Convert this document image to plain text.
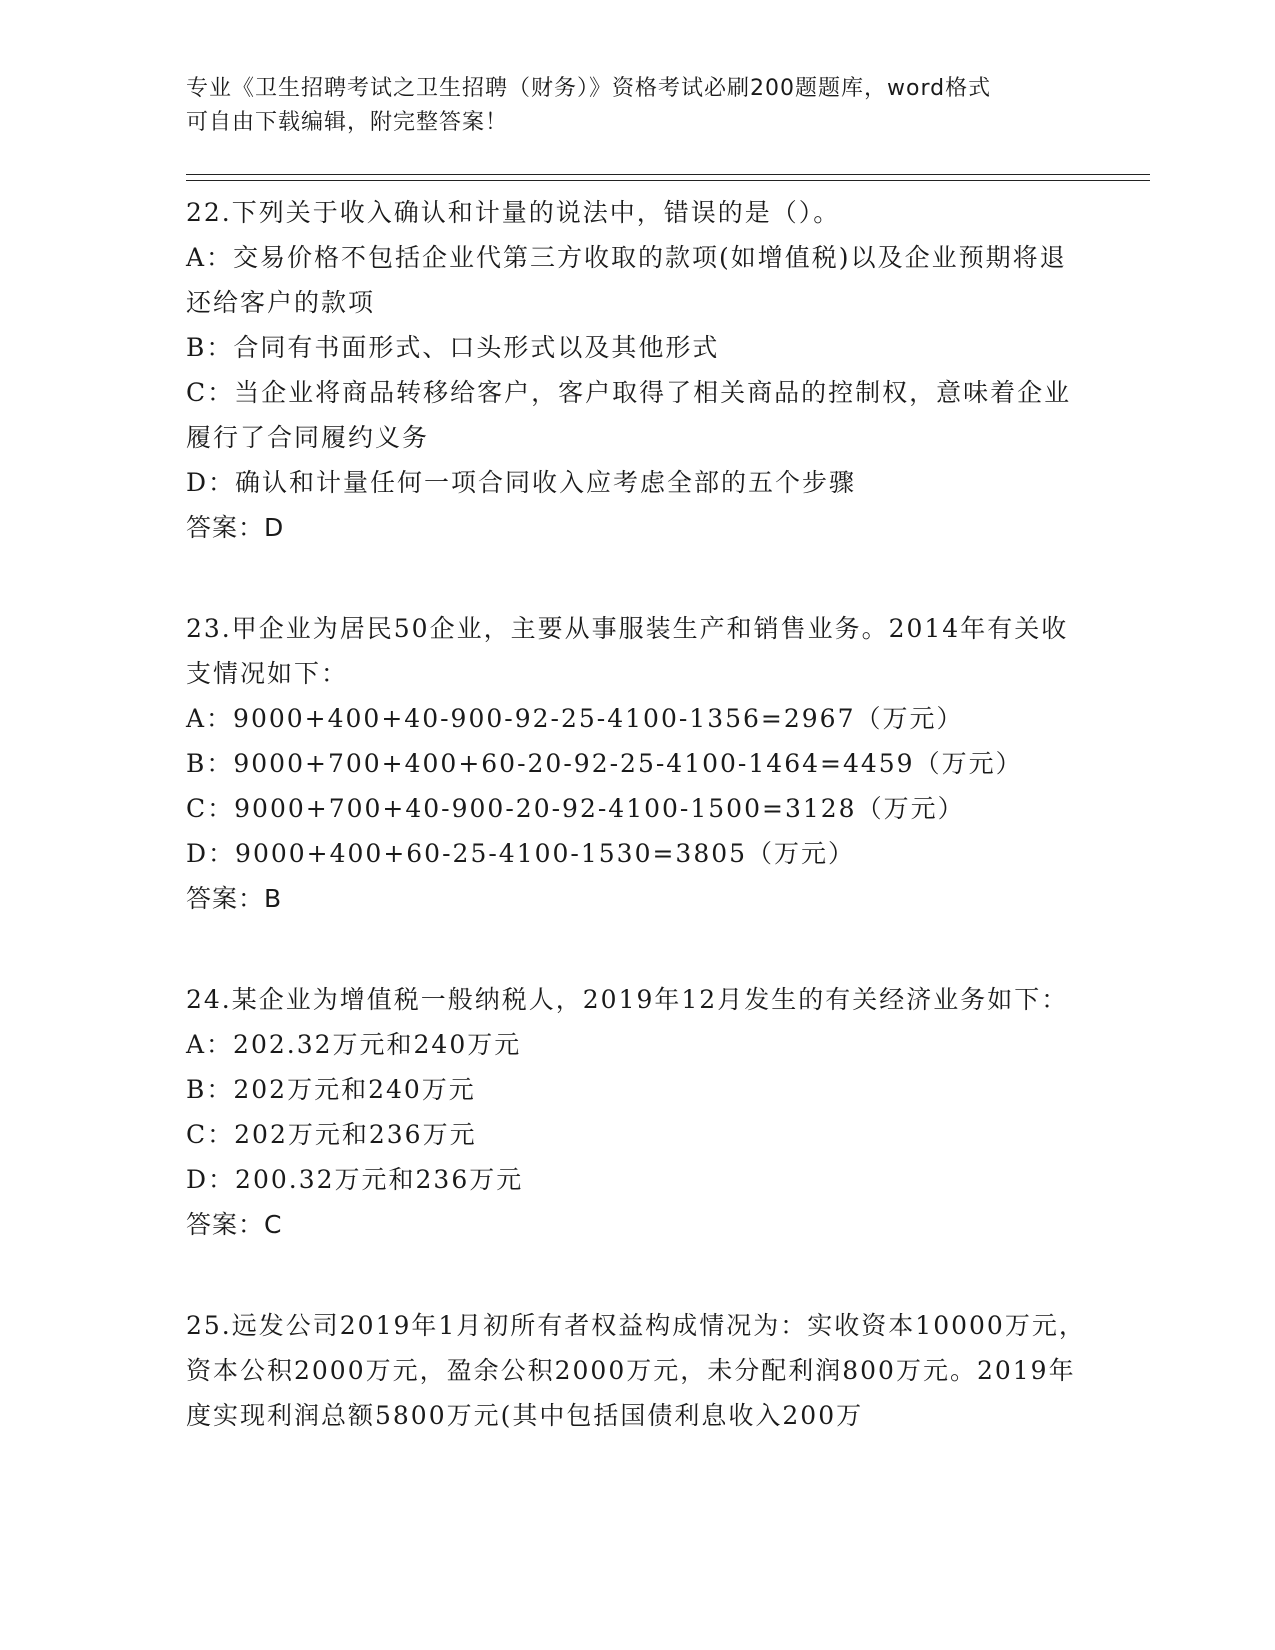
专业《卫生招聘考试之卫生招聘（财务）》资格考试必刷200题题库，word格式
可自由下载编辑，附完整答案！

22.下列关于收入确认和计量的说法中，错误的是（）。

A：交易价格不包括企业代第三方收取的款项(如增值税)以及企业预期将退还给客户的款项

B：合同有书面形式、口头形式以及其他形式

C：当企业将商品转移给客户，客户取得了相关商品的控制权，意味着企业履行了合同履约义务

D：确认和计量任何一项合同收入应考虑全部的五个步骤

答案：D

23.甲企业为居民50企业，主要从事服装生产和销售业务。2014年有关收支情况如下：

A：9000+400+40-900-92-25-4100-1356=2967（万元）

B：9000+700+400+60-20-92-25-4100-1464=4459（万元）

C：9000+700+40-900-20-92-4100-1500=3128（万元）

D：9000+400+60-25-4100-1530=3805（万元）

答案：B

24.某企业为增值税一般纳税人，2019年12月发生的有关经济业务如下：

A：202.32万元和240万元

B：202万元和240万元

C：202万元和236万元

D：200.32万元和236万元

答案：C

25.远发公司2019年1月初所有者权益构成情况为：实收资本10000万元，资本公积2000万元，盈余公积2000万元，未分配利润800万元。2019年度实现利润总额5800万元(其中包括国债利息收入200万
